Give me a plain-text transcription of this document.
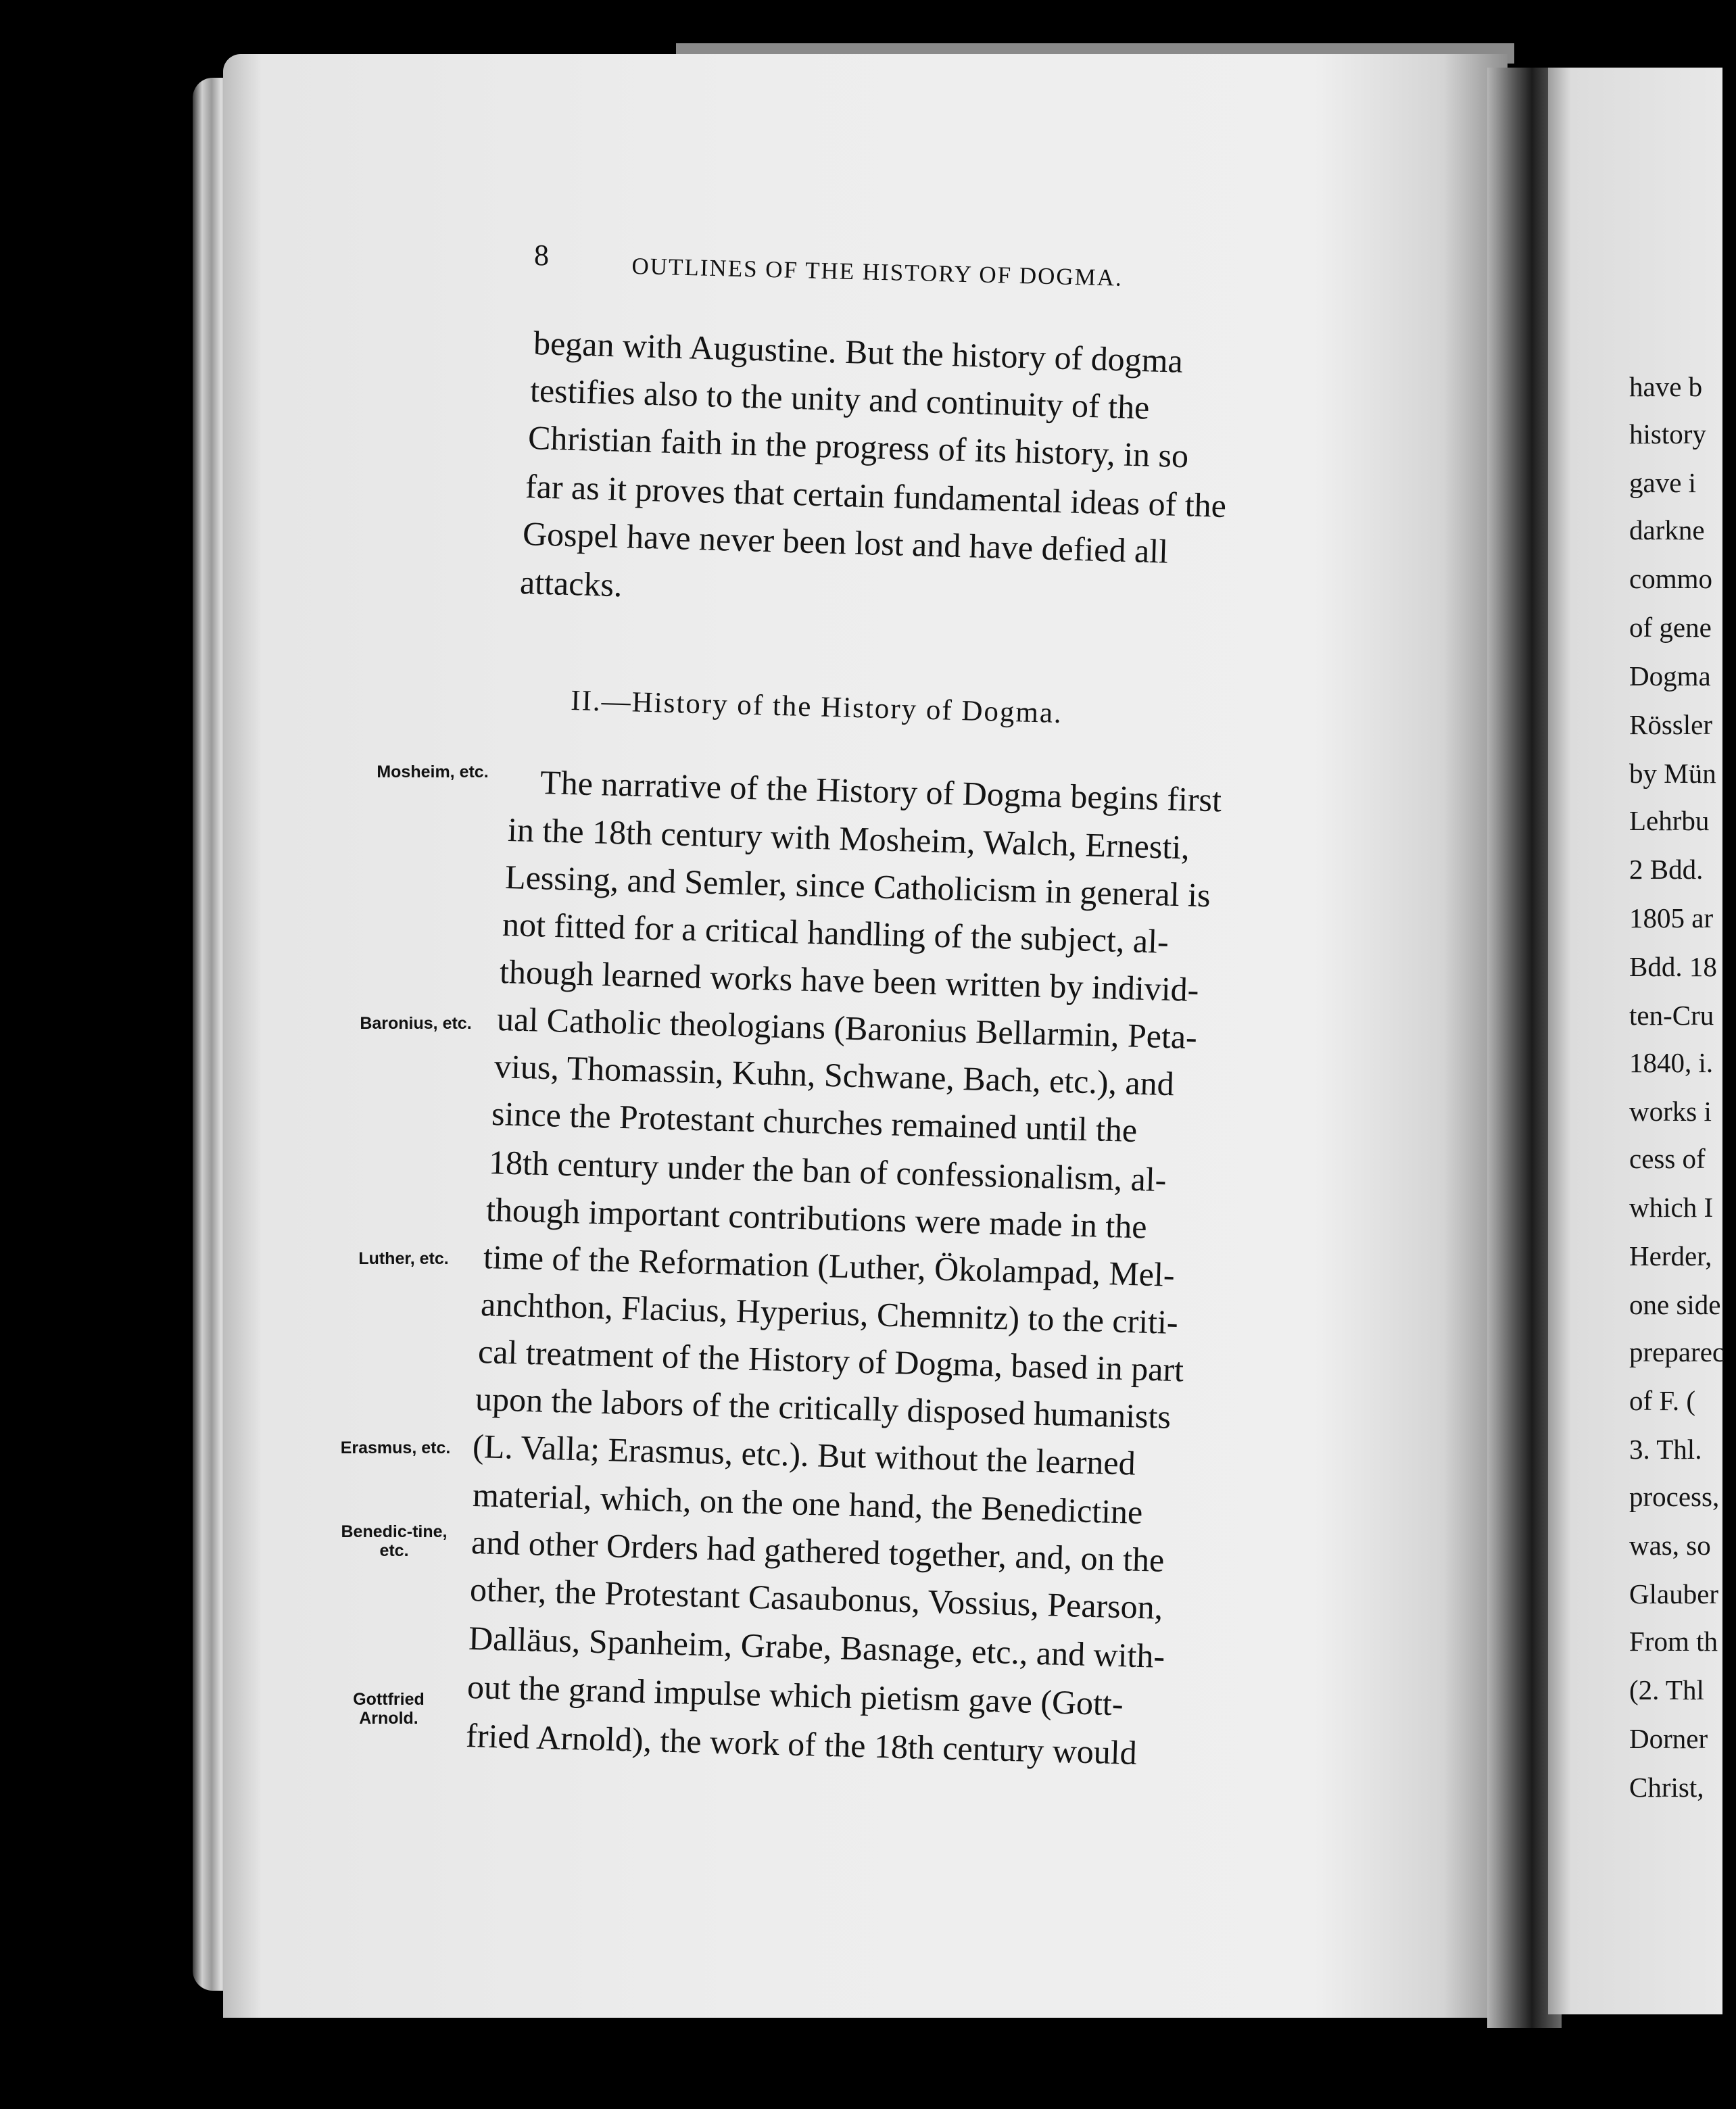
8	OUTLINES OF THE HISTORY OF DOGMA.
began with Augustine. But the history of dogma
testifies also to the unity and continuity of the
Christian faith in the progress of its history, in so
far as it proves that certain fundamental ideas of the
Gospel have never been lost and have defied all
attacks.
II.—History of the History of Dogma.
Mosheim, etc.
Baronius, etc.
Luther, etc.
Erasmus, etc.
Benedic-tine, etc.
Gottfried Arnold.
The narrative of the History of Dogma begins first
in the 18th century with Mosheim, Walch, Ernesti,
Lessing, and Semler, since Catholicism in general is
not fitted for a critical handling of the subject, al-
though learned works have been written by individ-
ual Catholic theologians (Baronius Bellarmin, Peta-
vius, Thomassin, Kuhn, Schwane, Bach, etc.), and
since the Protestant churches remained until the
18th century under the ban of confessionalism, al-
though important contributions were made in the
time of the Reformation (Luther, Ökolampad, Mel-
anchthon, Flacius, Hyperius, Chemnitz) to the criti-
cal treatment of the History of Dogma, based in part
upon the labors of the critically disposed humanists
(L. Valla; Erasmus, etc.). But without the learned
material, which, on the one hand, the Benedictine
and other Orders had gathered together, and, on the
other, the Protestant Casaubonus, Vossius, Pearson,
Dalläus, Spanheim, Grabe, Basnage, etc., and with-
out the grand impulse which pietism gave (Gott-
fried Arnold), the work of the 18th century would
have b
history
gave i
darkne
commo
of gene
Dogma
Rössler
by Mün
Lehrbu
2 Bdd.
1805 ar
Bdd. 18
ten-Cru
1840, i.
works i
cess of
which I
Herder,
one side
preparec
of F. (
3. Thl.
process,
was, so
Glauber
From th
(2. Thl
Dorner
Christ,
